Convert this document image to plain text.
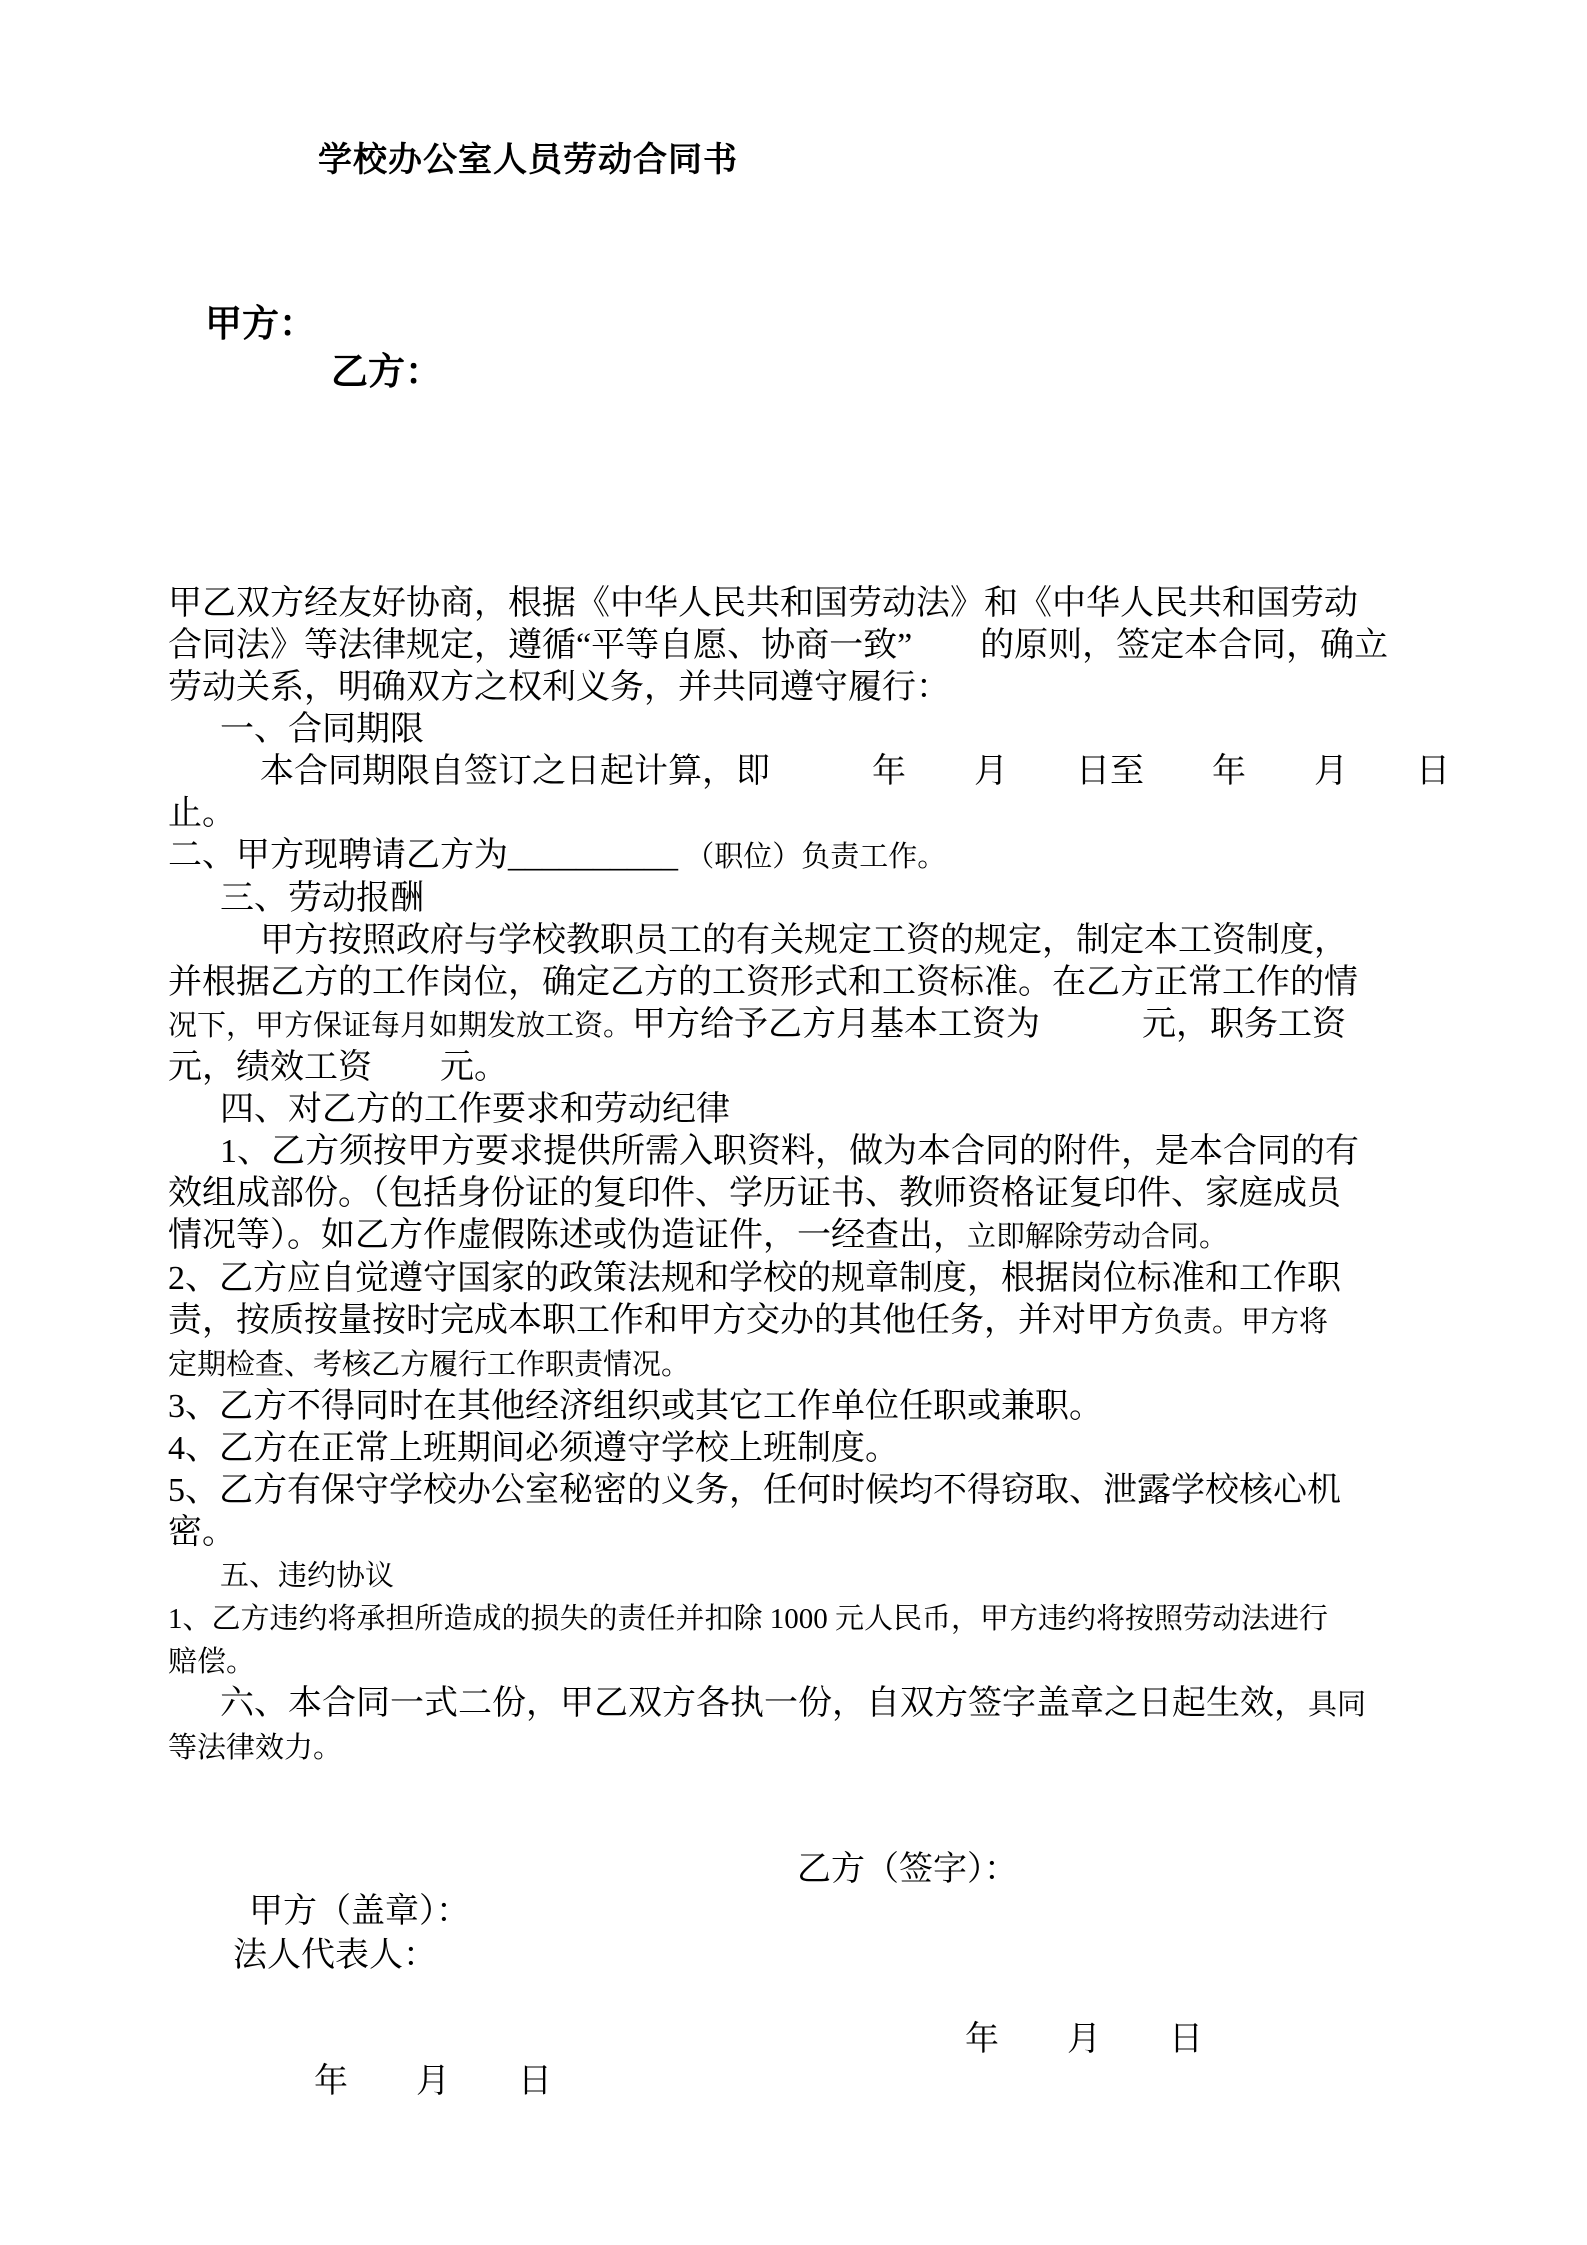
学校办公室人员劳动合同书

甲方：
乙方：

甲乙双方经友好协商，根据《中华人民共和国劳动法》和《中华人民共和国劳动
合同法》等法律规定，遵循“平等自愿、协商一致”　　的原则，签定本合同，确立
劳动关系，明确双方之权利义务，并共同遵守履行：
一、合同期限
本合同期限自签订之日起计算，即　　　年　　月　　日至　　年　　月　　日
止。
二、甲方现聘请乙方为__________ （职位）负责工作。
三、劳动报酬
甲方按照政府与学校教职员工的有关规定工资的规定，制定本工资制度，
并根据乙方的工作岗位，确定乙方的工资形式和工资标准。在乙方正常工作的情
况下，甲方保证每月如期发放工资。甲方给予乙方月基本工资为　　　元，职务工资
元，绩效工资　　元。
四、对乙方的工作要求和劳动纪律
1、乙方须按甲方要求提供所需入职资料，做为本合同的附件，是本合同的有
效组成部份。（包括身份证的复印件、学历证书、教师资格证复印件、家庭成员
情况等）。如乙方作虚假陈述或伪造证件，一经查出，立即解除劳动合同。
2、乙方应自觉遵守国家的政策法规和学校的规章制度，根据岗位标准和工作职
责，按质按量按时完成本职工作和甲方交办的其他任务，并对甲方负责。甲方将
定期检查、考核乙方履行工作职责情况。
3、乙方不得同时在其他经济组织或其它工作单位任职或兼职。
4、乙方在正常上班期间必须遵守学校上班制度。
5、乙方有保守学校办公室秘密的义务，任何时候均不得窃取、泄露学校核心机
密。
五、违约协议
1、乙方违约将承担所造成的损失的责任并扣除 1000 元人民币，甲方违约将按照劳动法进行
赔偿。
六、本合同一式二份，甲乙双方各执一份，自双方签字盖章之日起生效，具同
等法律效力。

甲方（盖章）：

乙方（签字）：

法人代表人：

年　　月　　日

年　　月　　日
